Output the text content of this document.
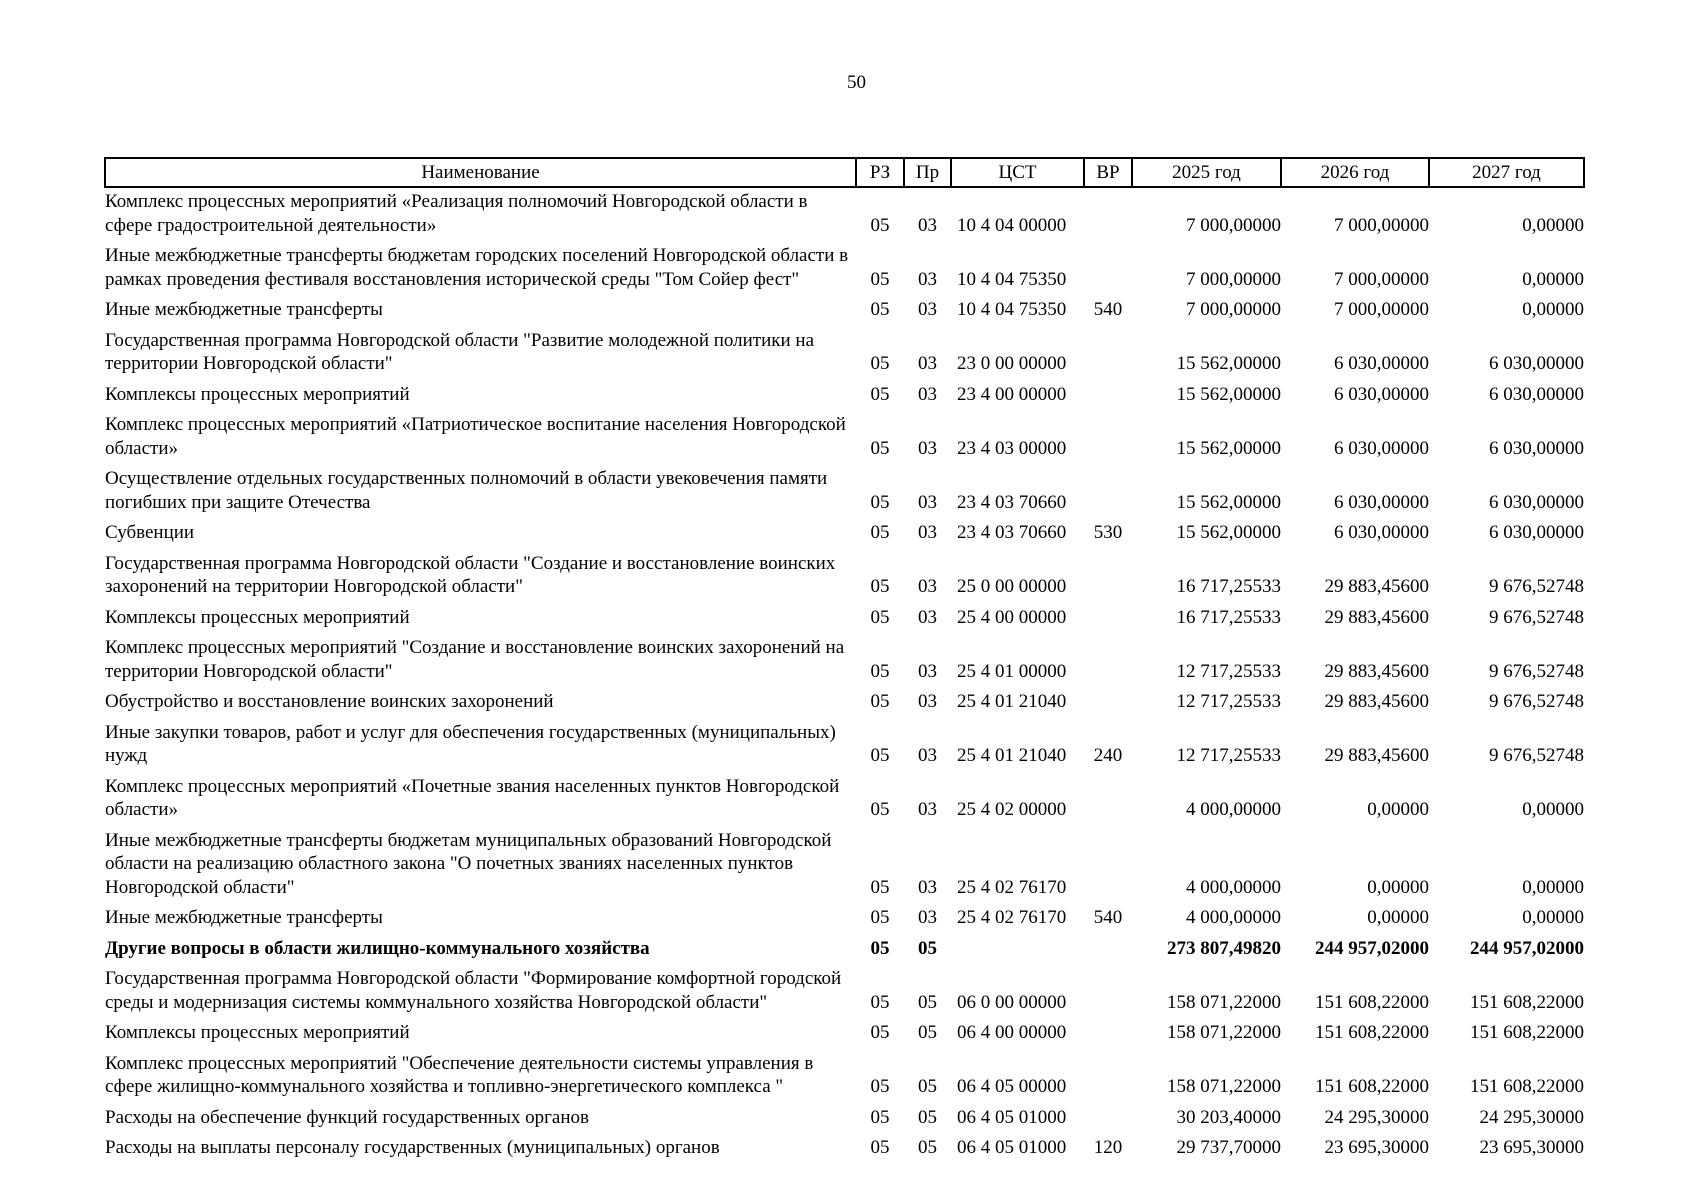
50
Наименование	РЗ	Пр	ЦСТ	ВР	2025 год	2026 год	2027 год
Комплекс процессных мероприятий «Реализация полномочий Новгородской области в сфере градостроительной деятельности»	05	03	10 4 04 00000		7 000,00000	7 000,00000	0,00000
Иные межбюджетные трансферты бюджетам городских поселений Новгородской области в рамках проведения фестиваля восстановления исторической среды "Том Сойер фест"	05	03	10 4 04 75350		7 000,00000	7 000,00000	0,00000
Иные межбюджетные трансферты	05	03	10 4 04 75350	540	7 000,00000	7 000,00000	0,00000
Государственная программа Новгородской области "Развитие молодежной политики на территории Новгородской области"	05	03	23 0 00 00000		15 562,00000	6 030,00000	6 030,00000
Комплексы процессных мероприятий	05	03	23 4 00 00000		15 562,00000	6 030,00000	6 030,00000
Комплекс процессных мероприятий «Патриотическое воспитание населения Новгородской области»	05	03	23 4 03 00000		15 562,00000	6 030,00000	6 030,00000
Осуществление отдельных государственных полномочий в области увековечения памяти погибших при защите Отечества	05	03	23 4 03 70660		15 562,00000	6 030,00000	6 030,00000
Субвенции	05	03	23 4 03 70660	530	15 562,00000	6 030,00000	6 030,00000
Государственная программа Новгородской области "Создание и восстановление воинских захоронений на территории Новгородской области"	05	03	25 0 00 00000		16 717,25533	29 883,45600	9 676,52748
Комплексы процессных мероприятий	05	03	25 4 00 00000		16 717,25533	29 883,45600	9 676,52748
Комплекс процессных мероприятий "Создание и восстановление воинских захоронений на территории Новгородской области"	05	03	25 4 01 00000		12 717,25533	29 883,45600	9 676,52748
Обустройство и восстановление воинских захоронений	05	03	25 4 01 21040		12 717,25533	29 883,45600	9 676,52748
Иные закупки товаров, работ и услуг для обеспечения государственных (муниципальных) нужд	05	03	25 4 01 21040	240	12 717,25533	29 883,45600	9 676,52748
Комплекс процессных мероприятий «Почетные звания населенных пунктов Новгородской области»	05	03	25 4 02 00000		4 000,00000	0,00000	0,00000
Иные межбюджетные трансферты бюджетам муниципальных образований Новгородской области на реализацию областного закона "О почетных званиях населенных пунктов Новгородской области"	05	03	25 4 02 76170		4 000,00000	0,00000	0,00000
Иные межбюджетные трансферты	05	03	25 4 02 76170	540	4 000,00000	0,00000	0,00000
Другие вопросы в области жилищно-коммунального хозяйства	05	05			273 807,49820	244 957,02000	244 957,02000
Государственная программа Новгородской области "Формирование комфортной городской среды и модернизация системы коммунального хозяйства Новгородской области"	05	05	06 0 00 00000		158 071,22000	151 608,22000	151 608,22000
Комплексы процессных мероприятий	05	05	06 4 00 00000		158 071,22000	151 608,22000	151 608,22000
Комплекс процессных мероприятий "Обеспечение деятельности системы управления в сфере жилищно-коммунального хозяйства и топливно-энергетического комплекса "	05	05	06 4 05 00000		158 071,22000	151 608,22000	151 608,22000
Расходы на обеспечение функций государственных органов	05	05	06 4 05 01000		30 203,40000	24 295,30000	24 295,30000
Расходы на выплаты персоналу государственных (муниципальных) органов	05	05	06 4 05 01000	120	29 737,70000	23 695,30000	23 695,30000
